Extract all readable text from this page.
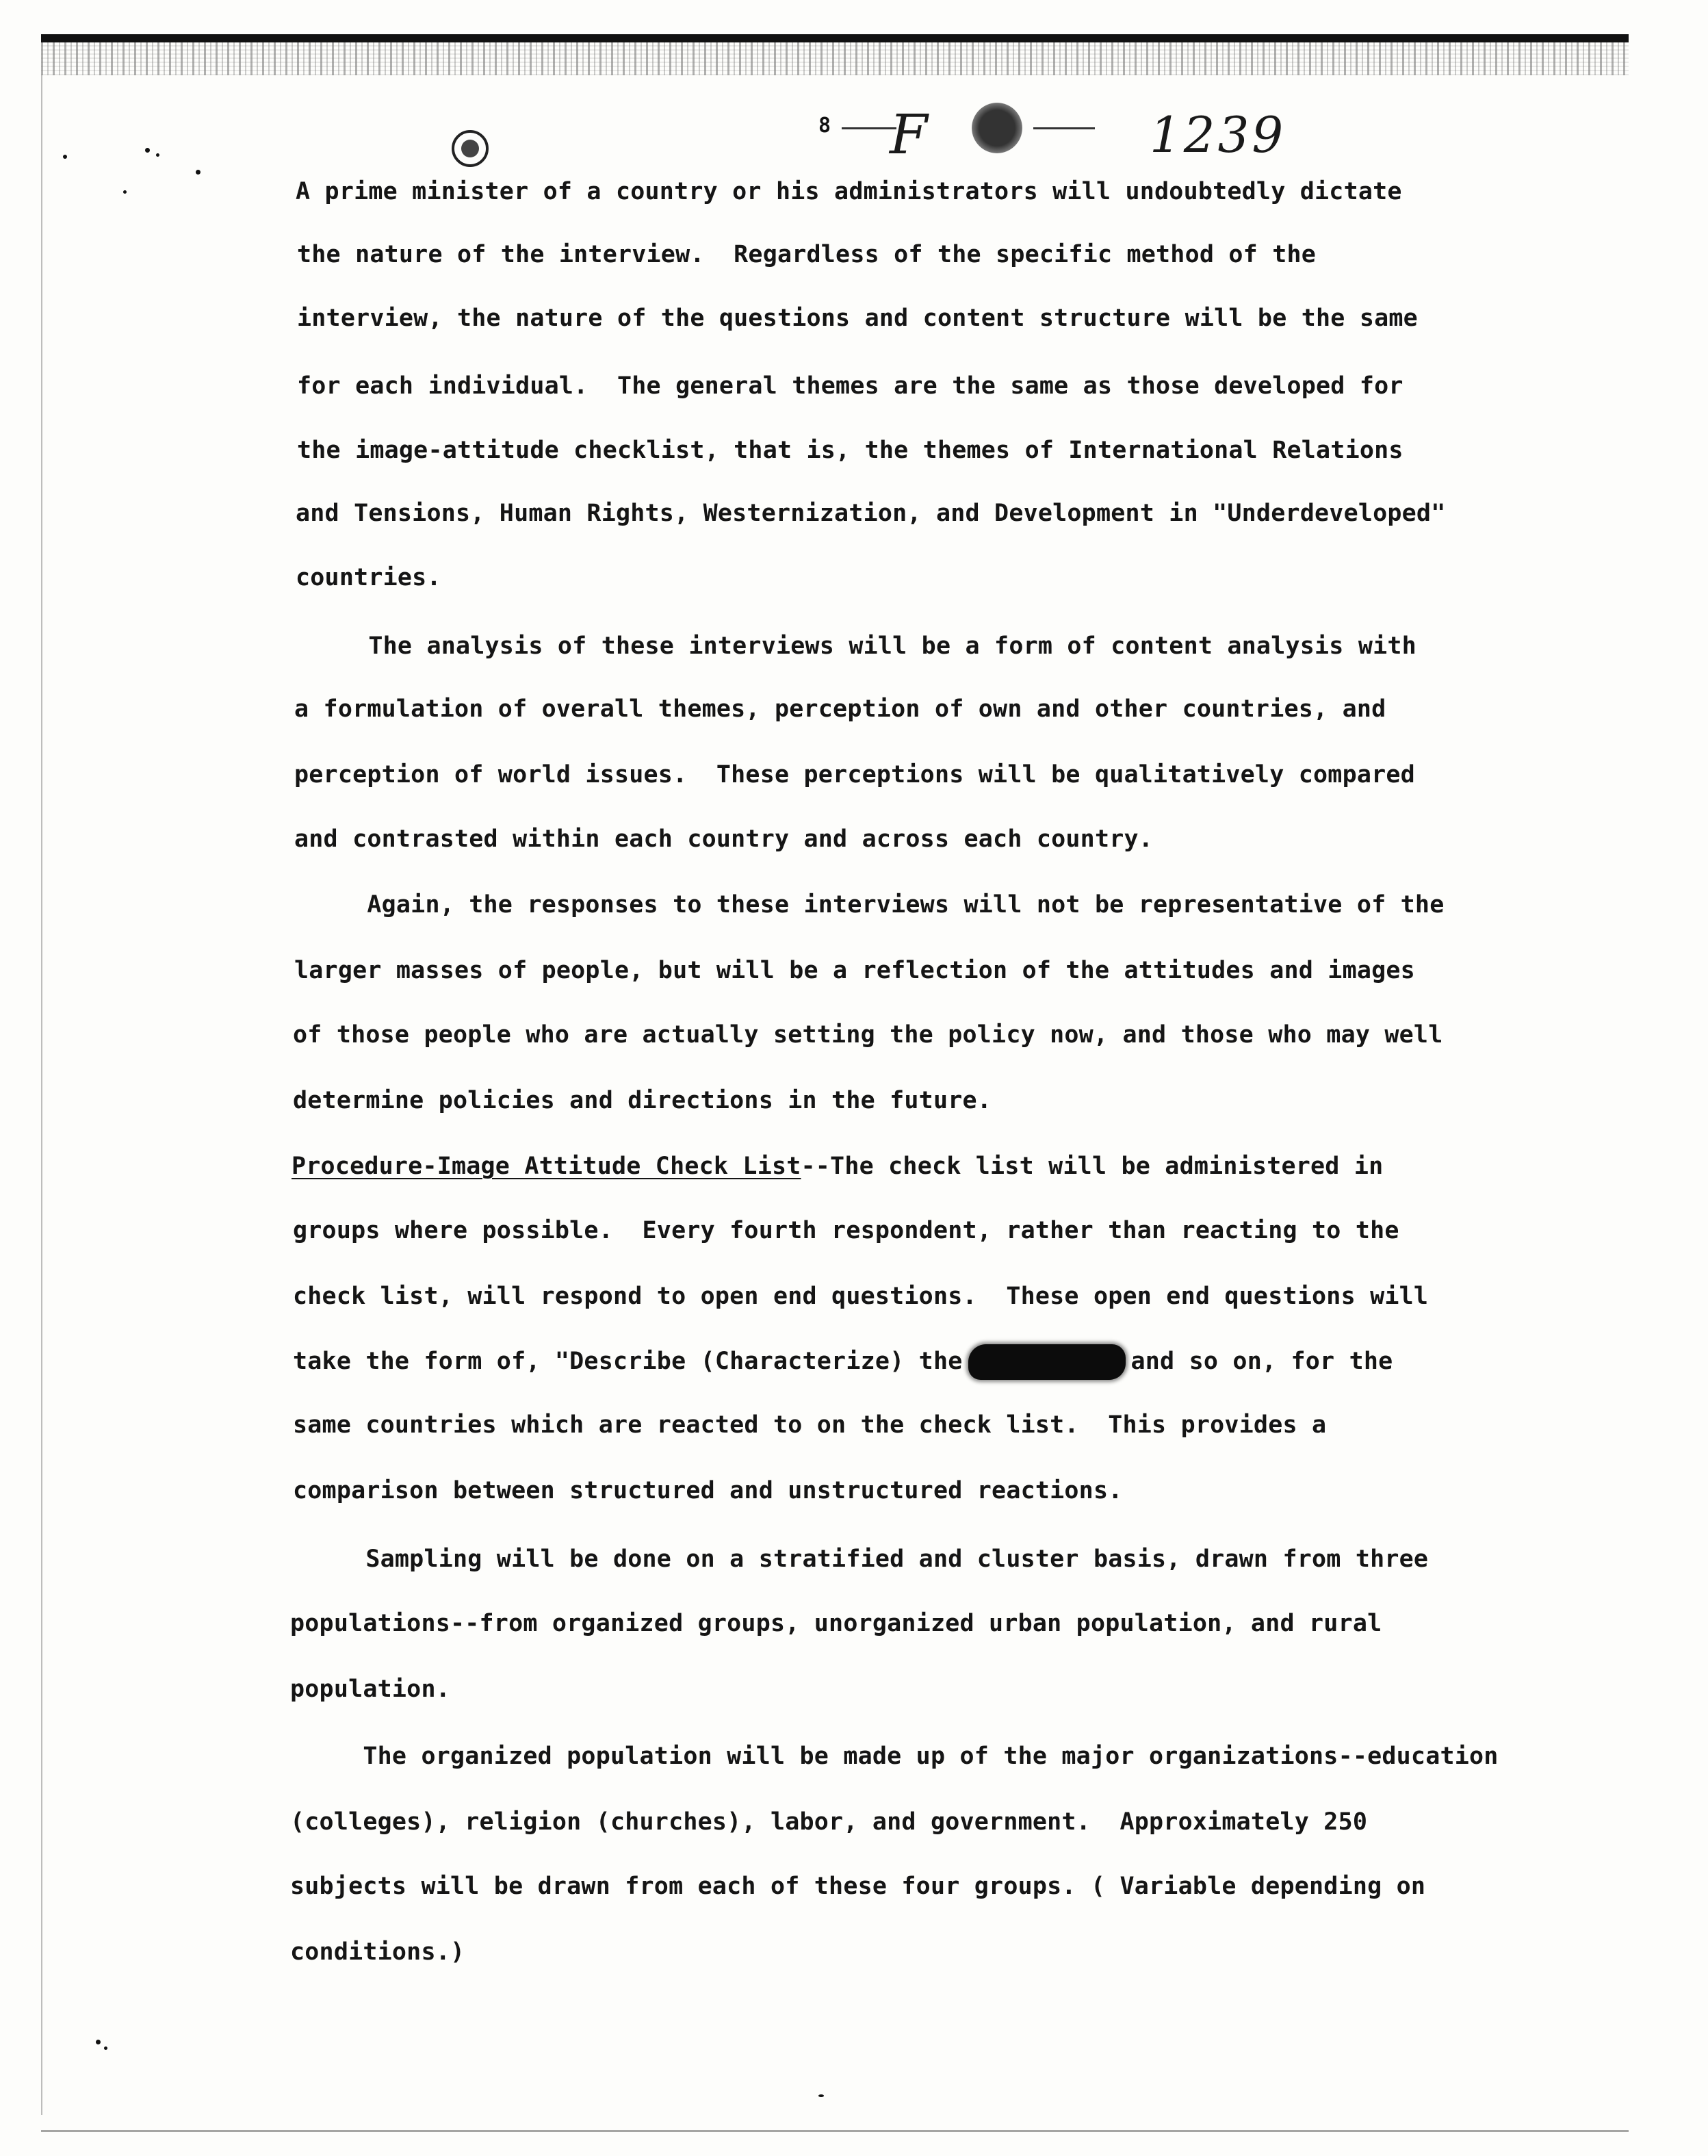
8 F	1239
A prime minister of a country or his administrators will undoubtedly dictate
the nature of the interview.  Regardless of the specific method of the
interview, the nature of the questions and content structure will be the same
for each individual.  The general themes are the same as those developed for
the image-attitude checklist, that is, the themes of International Relations
and Tensions, Human Rights, Westernization, and Development in "Underdeveloped"
countries.
The analysis of these interviews will be a form of content analysis with
a formulation of overall themes, perception of own and other countries, and
perception of world issues.  These perceptions will be qualitatively compared
and contrasted within each country and across each country.
Again, the responses to these interviews will not be representative of the
larger masses of people, but will be a reflection of the attitudes and images
of those people who are actually setting the policy now, and those who may well
determine policies and directions in the future.
Procedure-Image Attitude Check List--The check list will be administered in
groups where possible.  Every fourth respondent, rather than reacting to the
check list, will respond to open end questions.  These open end questions will
take the form of, "Describe (Characterize) the	and so on, for the
same countries which are reacted to on the check list.  This provides a
comparison between structured and unstructured reactions.
Sampling will be done on a stratified and cluster basis, drawn from three
populations--from organized groups, unorganized urban population, and rural
population.
The organized population will be made up of the major organizations--education
(colleges), religion (churches), labor, and government.  Approximately 250
subjects will be drawn from each of these four groups. ( Variable depending on
conditions.)
